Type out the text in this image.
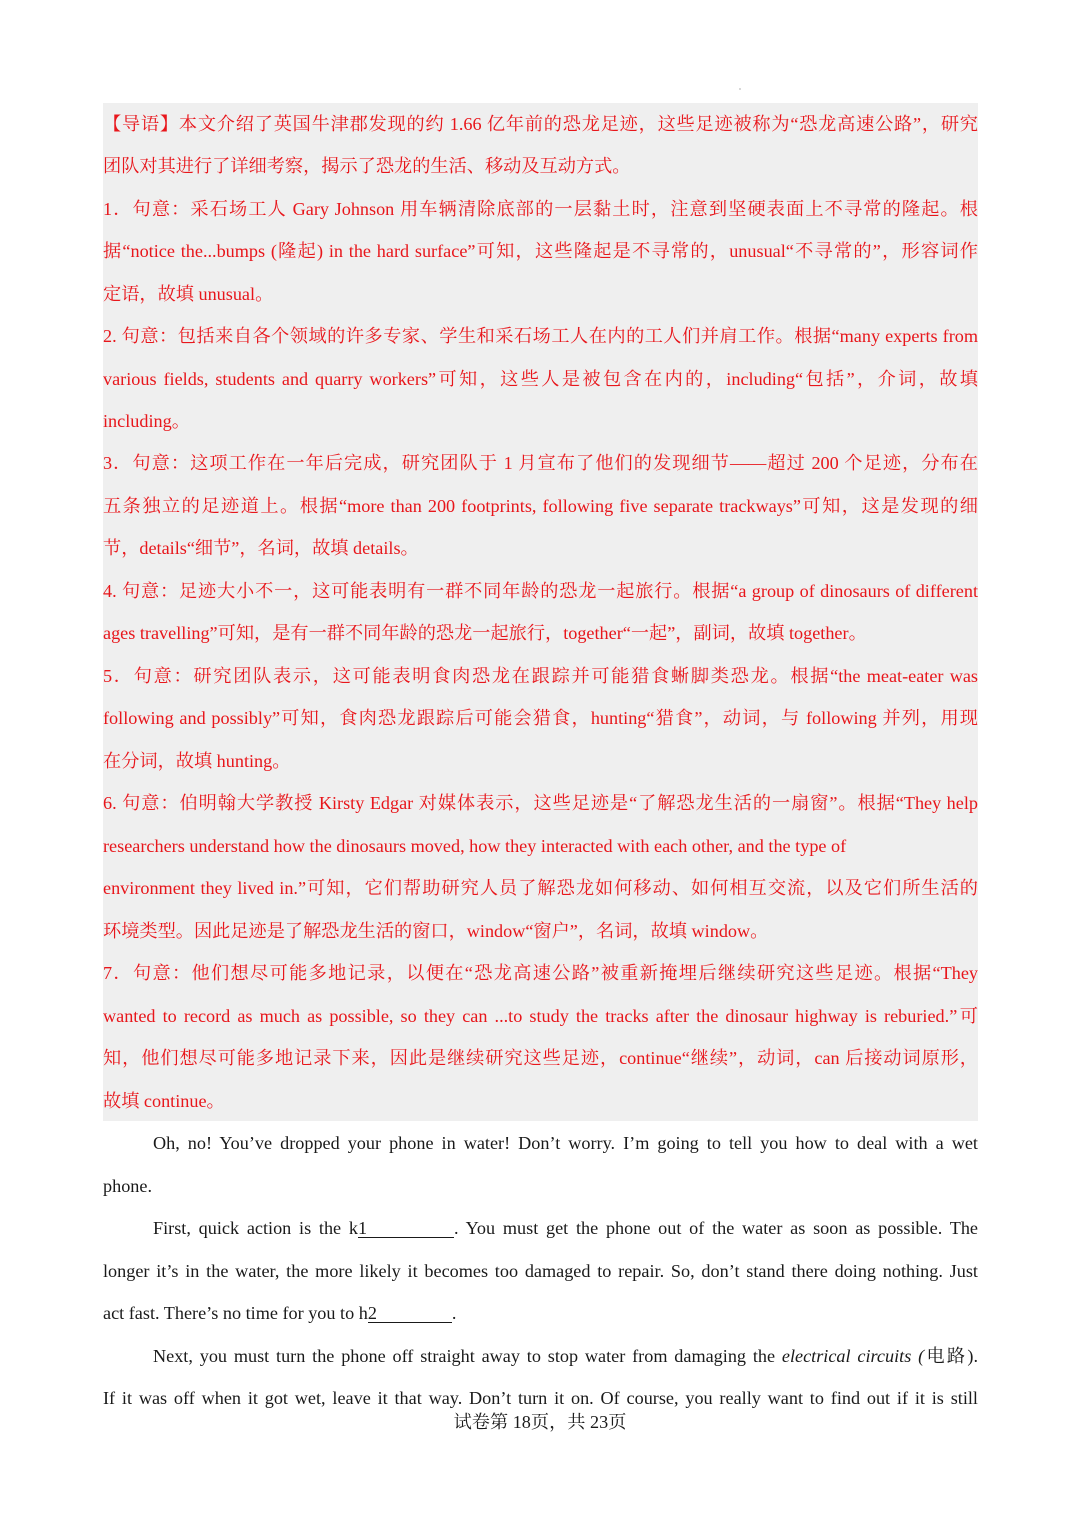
【导语】本文介绍了英国牛津郡发现的约 1.66 亿年前的恐龙足迹，这些足迹被称为“恐龙高速公路”，研究
团队对其进行了详细考察，揭示了恐龙的生活、移动及互动方式。
1．句意：采石场工人 Gary Johnson 用车辆清除底部的一层黏土时，注意到坚硬表面上不寻常的隆起。根
据“notice the...bumps (隆起) in the hard surface”可知，这些隆起是不寻常的，unusual“不寻常的”，形容词作
定语，故填 unusual。
2. 句意：包括来自各个领域的许多专家、学生和采石场工人在内的工人们并肩工作。根据“many experts from
various fields, students and quarry workers”可知，这些人是被包含在内的，including“包括”，介词，故填
including。
3．句意：这项工作在一年后完成，研究团队于 1 月宣布了他们的发现细节——超过 200 个足迹，分布在
五条独立的足迹道上。根据“more than 200 footprints, following five separate trackways”可知，这是发现的细
节，details“细节”，名词，故填 details。
4. 句意：足迹大小不一，这可能表明有一群不同年龄的恐龙一起旅行。根据“a group of dinosaurs of different
ages travelling”可知，是有一群不同年龄的恐龙一起旅行，together“一起”，副词，故填 together。
5．句意：研究团队表示，这可能表明食肉恐龙在跟踪并可能猎食蜥脚类恐龙。根据“the meat-eater was
following and possibly”可知，食肉恐龙跟踪后可能会猎食，hunting“猎食”，动词，与 following 并列，用现
在分词，故填 hunting。
6. 句意：伯明翰大学教授 Kirsty Edgar 对媒体表示，这些足迹是“了解恐龙生活的一扇窗”。根据“They help
researchers understand how the dinosaurs moved, how they interacted with each other, and the type of
environment they lived in.”可知，它们帮助研究人员了解恐龙如何移动、如何相互交流，以及它们所生活的
环境类型。因此足迹是了解恐龙生活的窗口，window“窗户”，名词，故填 window。
7．句意：他们想尽可能多地记录，以便在“恐龙高速公路”被重新掩埋后继续研究这些足迹。根据“They
wanted to record as much as possible, so they can ...to study the tracks after the dinosaur highway is reburied.”可
知，他们想尽可能多地记录下来，因此是继续研究这些足迹，continue“继续”，动词，can 后接动词原形，
故填 continue。
Oh, no! You’ve dropped your phone in water! Don’t worry. I’m going to tell you how to deal with a wet
phone.
First, quick action is the k1	. You must get the phone out of the water as soon as possible. The
longer it’s in the water, the more likely it becomes too damaged to repair. So, don’t stand there doing nothing. Just
act fast. There’s no time for you to h2	.
Next, you must turn the phone off straight away to stop water from damaging the electrical circuits (电路).
If it was off when it got wet, leave it that way. Don’t turn it on. Of course, you really want to find out if it is still
试卷第 18页，共 23页
